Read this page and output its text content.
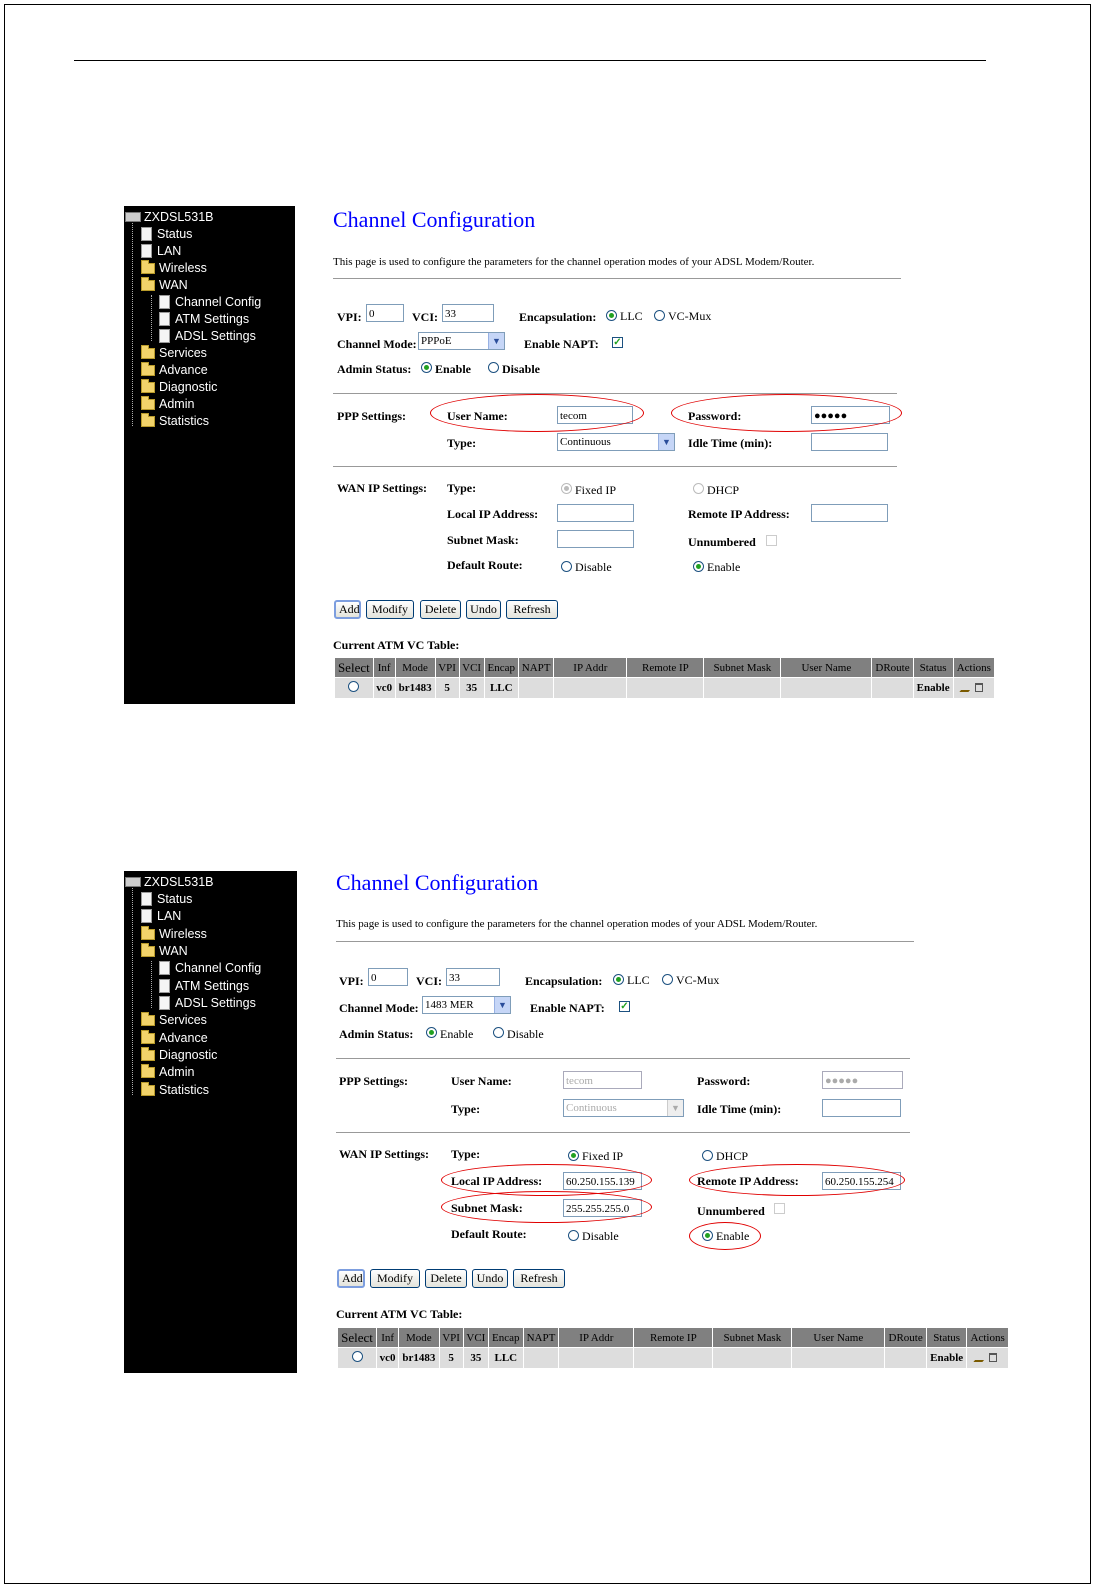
ZXDSL531B
Status
LAN
Wireless
WAN
Channel Config
ATM Settings
ADSL Settings
Services
Advance
Diagnostic
Admin
Statistics
Channel Configuration
This page is used to configure the parameters for the channel operation modes of your ADSL Modem/Router.
VPI: 0	VCI: 33	Encapsulation: LLC VC-Mux
Channel Mode: PPPoE	▼ Enable NAPT: ✓
Admin Status: Enable	Disable
PPP Settings:	User Name:	tecom	Password:	●●●●●
Type:	Continuous	▼ Idle Time (min):
WAN IP Settings: Type:	Fixed IP	DHCP
Local IP Address:	Remote IP Address:
Subnet Mask:	Unnumbered
Default Route:	Disable	Enable
Add	Modify	Delete	Undo	Refresh
Current ATM VC Table:
Select	Inf	Mode	VPI	VCI	Encap	NAPT	IP Addr	Remote IP	Subnet Mask	User Name	DRoute	Status	Actions
	vc0	br1483	5	35	LLC							Enable	
ZXDSL531B
Status
LAN
Wireless
WAN
Channel Config
ATM Settings
ADSL Settings
Services
Advance
Diagnostic
Admin
Statistics
Channel Configuration
This page is used to configure the parameters for the channel operation modes of your ADSL Modem/Router.
VPI: 0	VCI: 33	Encapsulation: LLC VC-Mux
Channel Mode: 1483 MER	▼ Enable NAPT: ✓
Admin Status: Enable	Disable
PPP Settings:	User Name:	tecom	Password:	●●●●●
Type:	Continuous	▼ Idle Time (min):
WAN IP Settings: Type:	Fixed IP	DHCP
Local IP Address: 60.250.155.139	Remote IP Address: 60.250.155.254
Subnet Mask:	255.255.255.0	Unnumbered
Default Route:	Disable	Enable
Add	Modify	Delete	Undo	Refresh
Current ATM VC Table:
Select	Inf	Mode	VPI	VCI	Encap	NAPT	IP Addr	Remote IP	Subnet Mask	User Name	DRoute	Status	Actions
	vc0	br1483	5	35	LLC							Enable	
